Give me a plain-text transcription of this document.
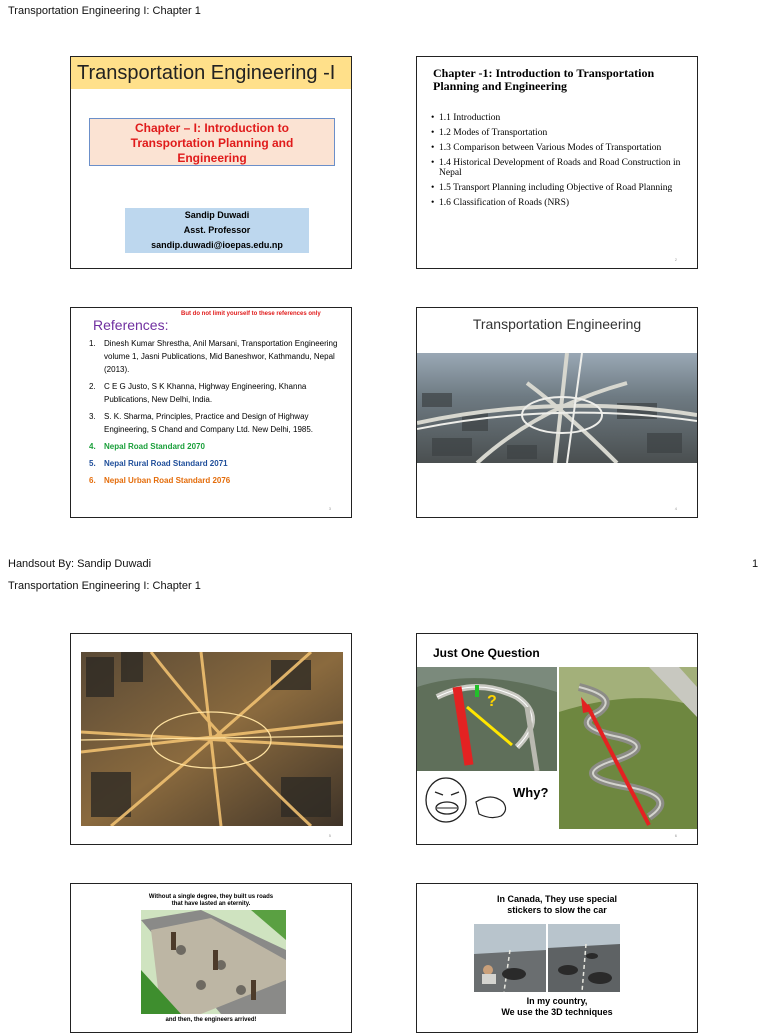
Transportation Engineering I: Chapter 1
Transportation Engineering -I
Chapter – I: Introduction to
Transportation Planning and
Engineering
Sandip Duwadi
Asst. Professor
sandip.duwadi@ioepas.edu.np
Chapter -1: Introduction to Transportation Planning and Engineering
• 1.1 Introduction
• 1.2 Modes of Transportation
• 1.3 Comparison between Various Modes of Transportation
• 1.4 Historical Development of Roads and Road Construction in Nepal
• 1.5 Transport Planning including Objective of Road Planning
• 1.6 Classification of Roads (NRS)
2
But do not limit yourself to these references only
References:
1. Dinesh Kumar Shrestha, Anil Marsani, Transportation Engineering volume 1, Jasni Publications, Mid Baneshwor, Kathmandu, Nepal (2013).
2. C E G Justo, S K Khanna, Highway Engineering, Khanna Publications, New Delhi, India.
3. S. K. Sharma, Principles, Practice and Design of Highway Engineering, S Chand and Company Ltd. New Delhi, 1985.
4. Nepal Road Standard 2070
5. Nepal Rural Road Standard 2071
6. Nepal Urban Road Standard 2076
3
Transportation Engineering
4
Handsout By: Sandip Duwadi	1
Transportation Engineering I: Chapter 1
5
Just One Question
?
Why?
6
Without a single degree, they built us roads
that have lasted an eternity.
and then, the engineers arrived!
In Canada, They use special
stickers to slow the car
In my country,
We use the 3D techniques
